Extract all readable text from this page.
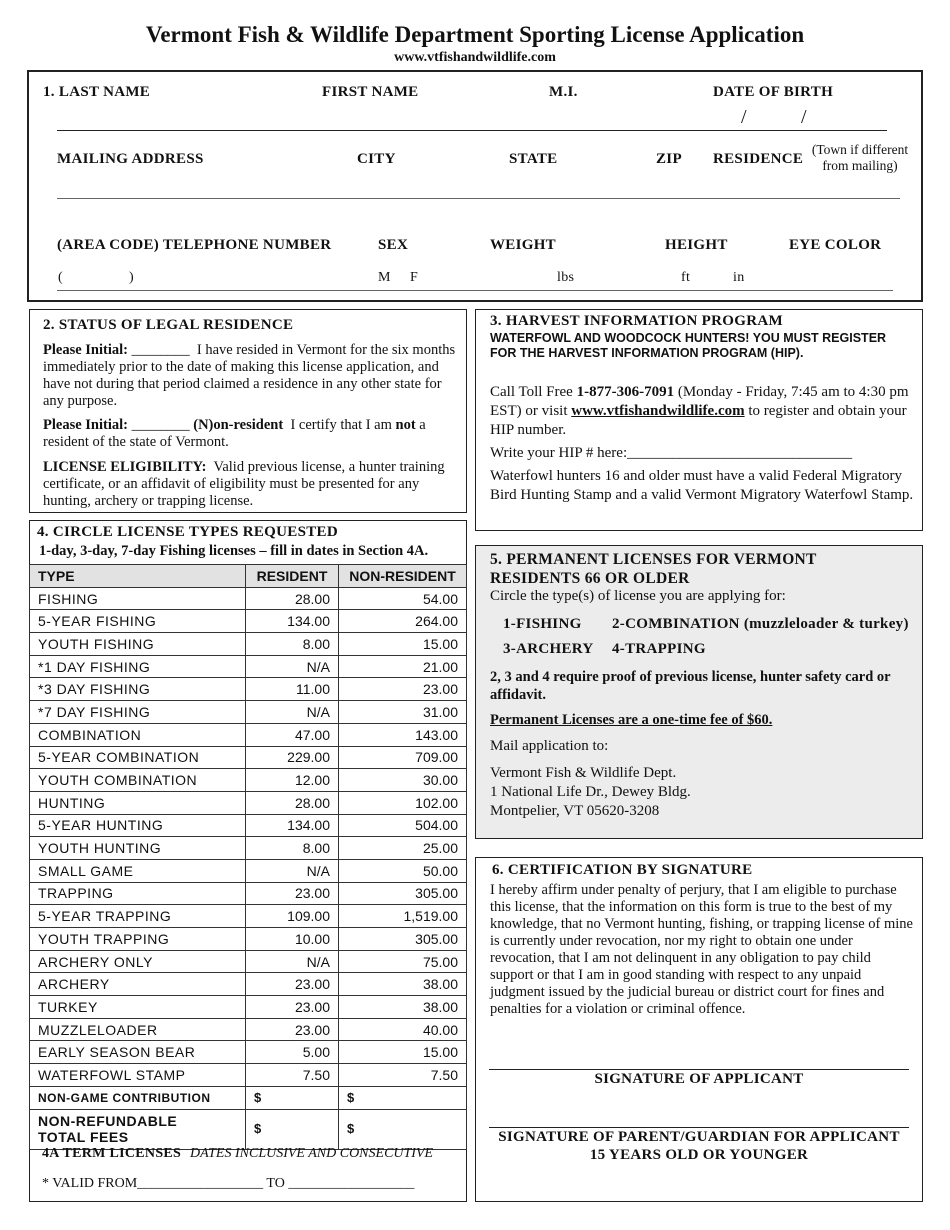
Vermont Fish & Wildlife Department Sporting License Application
www.vtfishandwildlife.com
1. LAST NAME	FIRST NAME	M.I.	DATE OF BIRTH
/	/
MAILING ADDRESS	CITY	STATE	ZIP RESIDENCE
(Town if different from mailing)
(AREA CODE) TELEPHONE NUMBER	SEX	WEIGHT	HEIGHT	EYE COLOR
(	)	M F	lbs	ft	in
2. STATUS OF LEGAL RESIDENCE
Please Initial: ________ I have resided in Vermont for the six months immediately prior to the date of making this license application, and have not during that period claimed a residence in any other state for any purpose.
Please Initial: ________ (N)on-resident I certify that I am not a resident of the state of Vermont.
LICENSE ELIGIBILITY: Valid previous license, a hunter training certificate, or an affidavit of eligibility must be presented for any hunting, archery or trapping license.
3. HARVEST INFORMATION PROGRAM
WATERFOWL AND WOODCOCK HUNTERS! YOU MUST REGISTER FOR THE HARVEST INFORMATION PROGRAM (HIP).
Call Toll Free 1-877-306-7091 (Monday - Friday, 7:45 am to 4:30 pm EST) or visit www.vtfishandwildlife.com to register and obtain your HIP number.
Write your HIP # here:______________________________
Waterfowl hunters 16 and older must have a valid Federal Migratory Bird Hunting Stamp and a valid Vermont Migratory Waterfowl Stamp.
4. CIRCLE LICENSE TYPES REQUESTED
1-day, 3-day, 7-day Fishing licenses – fill in dates in Section 4A.
TYPE	RESIDENT	NON-RESIDENT
FISHING	28.00	54.00
5-YEAR FISHING	134.00	264.00
YOUTH FISHING	8.00	15.00
*1 DAY FISHING	N/A	21.00
*3 DAY FISHING	11.00	23.00
*7 DAY FISHING	N/A	31.00
COMBINATION	47.00	143.00
5-YEAR COMBINATION	229.00	709.00
YOUTH COMBINATION	12.00	30.00
HUNTING	28.00	102.00
5-YEAR HUNTING	134.00	504.00
YOUTH HUNTING	8.00	25.00
SMALL GAME	N/A	50.00
TRAPPING	23.00	305.00
5-YEAR TRAPPING	109.00	1,519.00
YOUTH TRAPPING	10.00	305.00
ARCHERY ONLY	N/A	75.00
ARCHERY	23.00	38.00
TURKEY	23.00	38.00
MUZZLELOADER	23.00	40.00
EARLY SEASON BEAR	5.00	15.00
WATERFOWL STAMP	7.50	7.50
NON-GAME CONTRIBUTION	$	$
NON-REFUNDABLE
TOTAL FEES	$	$
4A TERM LICENSES DATES INCLUSIVE AND CONSECUTIVE
* VALID FROM__________________ TO __________________
5. PERMANENT LICENSES FOR VERMONT RESIDENTS 66 OR OLDER
Circle the type(s) of license you are applying for:
1-FISHING 2-COMBINATION (muzzleloader & turkey)
3-ARCHERY 4-TRAPPING
2, 3 and 4 require proof of previous license, hunter safety card or affidavit.
Permanent Licenses are a one-time fee of $60.
Mail application to:
Vermont Fish & Wildlife Dept.
1 National Life Dr., Dewey Bldg.
Montpelier, VT 05620-3208
6. CERTIFICATION BY SIGNATURE
I hereby affirm under penalty of perjury, that I am eligible to purchase this license, that the information on this form is true to the best of my knowledge, that no Vermont hunting, fishing, or trapping license of mine is currently under revocation, nor my right to obtain one under revocation, that I am not delinquent in any obligation to pay child support or that I am in good standing with respect to any unpaid judgment issued by the judicial bureau or district court for fines and penalties for a violation or criminal offence.
SIGNATURE OF APPLICANT
SIGNATURE OF PARENT/GUARDIAN FOR APPLICANT
15 YEARS OLD OR YOUNGER
